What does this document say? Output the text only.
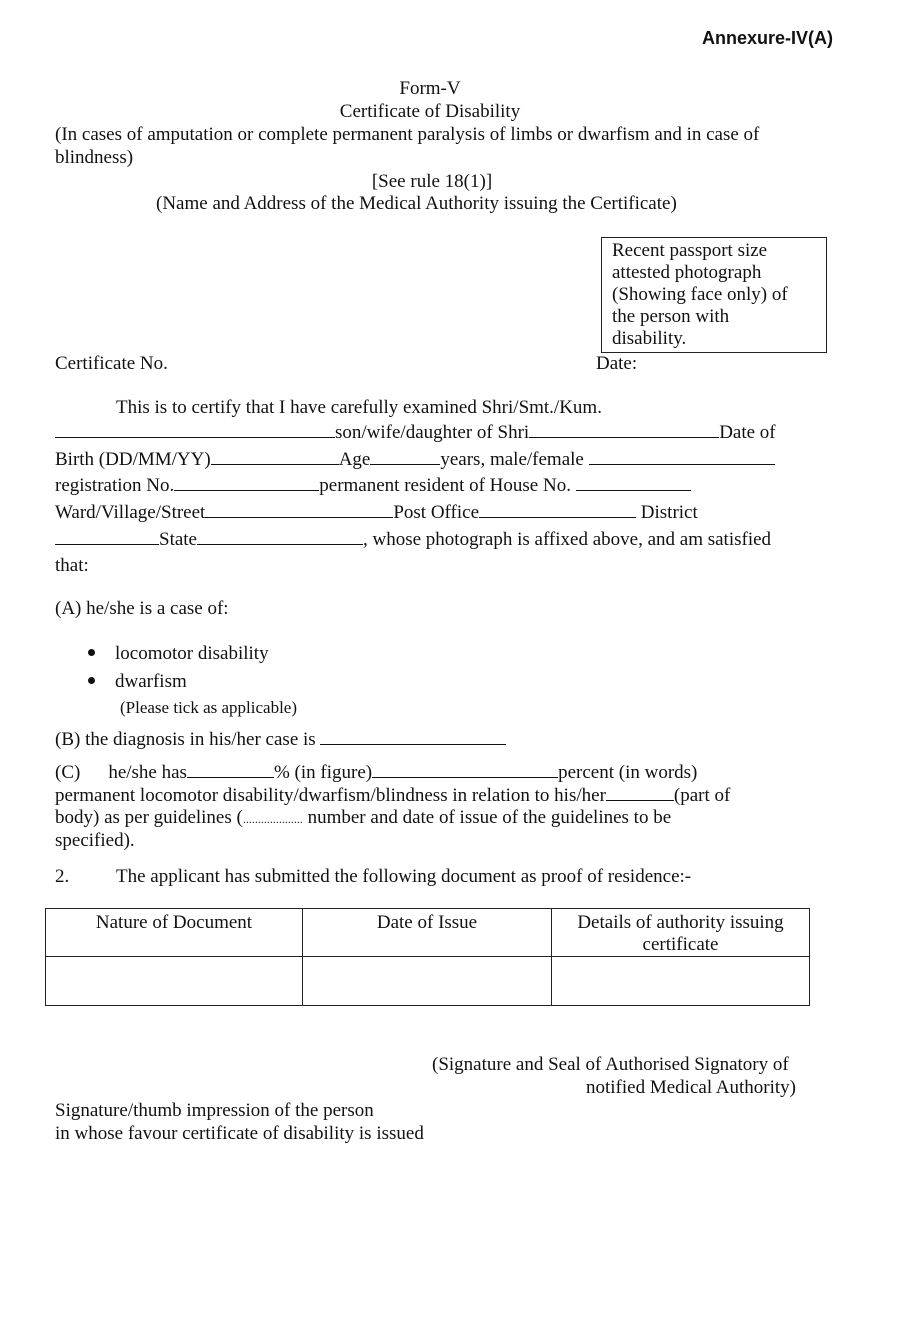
Annexure-IV(A)
Form-V
Certificate of Disability
(In cases of amputation or complete permanent paralysis of limbs or dwarfism and in case of
blindness)
[See rule 18(1)]
(Name and Address of the Medical Authority issuing the Certificate)
Recent passport size
attested photograph
(Showing face only) of
the person with
disability.
Certificate No.	Date:
This is to certify that I have carefully examined Shri/Smt./Kum.
son/wife/daughter of Shri	Date of
Birth (DD/MM/YY)	Age	years, male/female
registration No.	permanent resident of House No.
Ward/Village/Street	Post Office	District
State	, whose photograph is affixed above, and am satisfied
that:
(A) he/she is a case of:
locomotor disability
dwarfism
(Please tick as applicable)
(B) the diagnosis in his/her case is
(C) he/she has	% (in figure)	percent (in words)
permanent locomotor disability/dwarfism/blindness in relation to his/her	(part of
body) as per guidelines (.................... number and date of issue of the guidelines to be
specified).
2. The applicant has submitted the following document as proof of residence:-
Nature of Document	Date of Issue	Details of authority issuing certificate

(Signature and Seal of Authorised Signatory of
notified Medical Authority)
Signature/thumb impression of the person
in whose favour certificate of disability is issued
